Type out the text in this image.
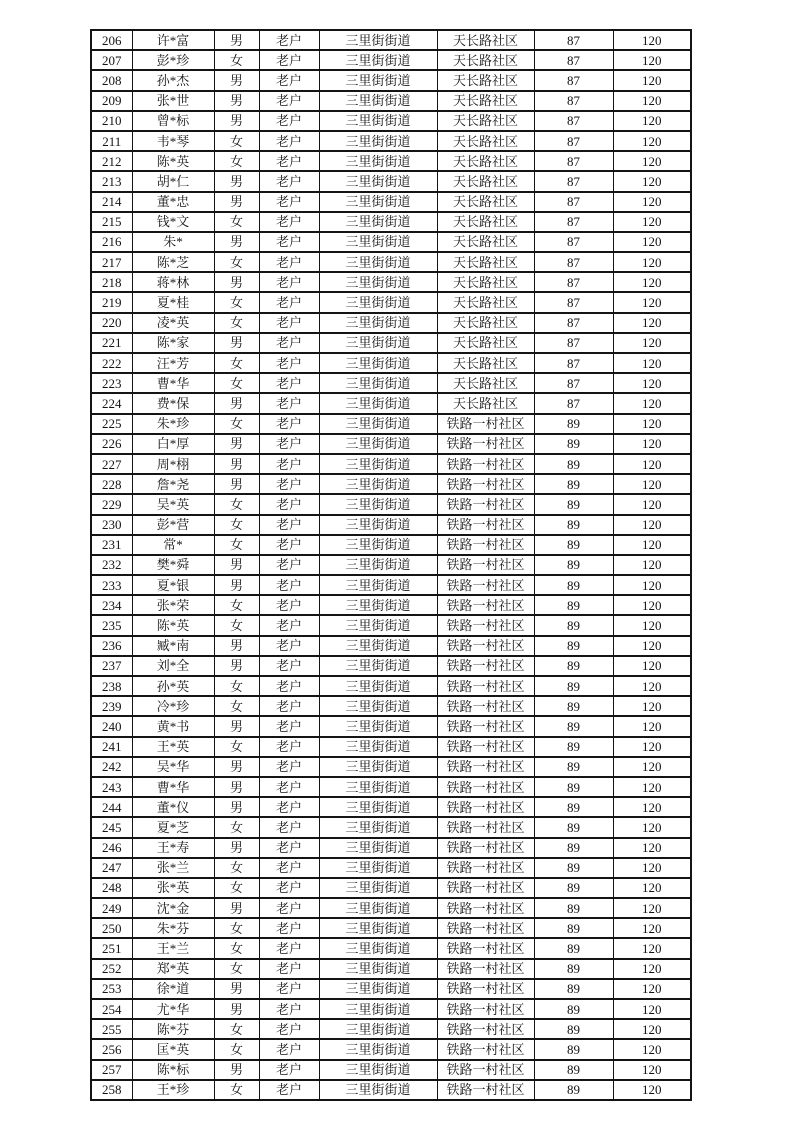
206	许*富	男	老户	三里街街道	天长路社区	87	120
207	彭*珍	女	老户	三里街街道	天长路社区	87	120
208	孙*杰	男	老户	三里街街道	天长路社区	87	120
209	张*世	男	老户	三里街街道	天长路社区	87	120
210	曾*标	男	老户	三里街街道	天长路社区	87	120
211	韦*琴	女	老户	三里街街道	天长路社区	87	120
212	陈*英	女	老户	三里街街道	天长路社区	87	120
213	胡*仁	男	老户	三里街街道	天长路社区	87	120
214	董*忠	男	老户	三里街街道	天长路社区	87	120
215	钱*文	女	老户	三里街街道	天长路社区	87	120
216	朱*	男	老户	三里街街道	天长路社区	87	120
217	陈*芝	女	老户	三里街街道	天长路社区	87	120
218	蒋*林	男	老户	三里街街道	天长路社区	87	120
219	夏*桂	女	老户	三里街街道	天长路社区	87	120
220	凌*英	女	老户	三里街街道	天长路社区	87	120
221	陈*家	男	老户	三里街街道	天长路社区	87	120
222	汪*芳	女	老户	三里街街道	天长路社区	87	120
223	曹*华	女	老户	三里街街道	天长路社区	87	120
224	费*保	男	老户	三里街街道	天长路社区	87	120
225	朱*珍	女	老户	三里街街道	铁路一村社区	89	120
226	白*厚	男	老户	三里街街道	铁路一村社区	89	120
227	周*栩	男	老户	三里街街道	铁路一村社区	89	120
228	詹*尧	男	老户	三里街街道	铁路一村社区	89	120
229	吴*英	女	老户	三里街街道	铁路一村社区	89	120
230	彭*营	女	老户	三里街街道	铁路一村社区	89	120
231	常*	女	老户	三里街街道	铁路一村社区	89	120
232	樊*舜	男	老户	三里街街道	铁路一村社区	89	120
233	夏*银	男	老户	三里街街道	铁路一村社区	89	120
234	张*荣	女	老户	三里街街道	铁路一村社区	89	120
235	陈*英	女	老户	三里街街道	铁路一村社区	89	120
236	臧*南	男	老户	三里街街道	铁路一村社区	89	120
237	刘*全	男	老户	三里街街道	铁路一村社区	89	120
238	孙*英	女	老户	三里街街道	铁路一村社区	89	120
239	冷*珍	女	老户	三里街街道	铁路一村社区	89	120
240	黄*书	男	老户	三里街街道	铁路一村社区	89	120
241	王*英	女	老户	三里街街道	铁路一村社区	89	120
242	吴*华	男	老户	三里街街道	铁路一村社区	89	120
243	曹*华	男	老户	三里街街道	铁路一村社区	89	120
244	董*仪	男	老户	三里街街道	铁路一村社区	89	120
245	夏*芝	女	老户	三里街街道	铁路一村社区	89	120
246	王*寿	男	老户	三里街街道	铁路一村社区	89	120
247	张*兰	女	老户	三里街街道	铁路一村社区	89	120
248	张*英	女	老户	三里街街道	铁路一村社区	89	120
249	沈*金	男	老户	三里街街道	铁路一村社区	89	120
250	朱*芬	女	老户	三里街街道	铁路一村社区	89	120
251	王*兰	女	老户	三里街街道	铁路一村社区	89	120
252	郑*英	女	老户	三里街街道	铁路一村社区	89	120
253	徐*道	男	老户	三里街街道	铁路一村社区	89	120
254	尤*华	男	老户	三里街街道	铁路一村社区	89	120
255	陈*芬	女	老户	三里街街道	铁路一村社区	89	120
256	匡*英	女	老户	三里街街道	铁路一村社区	89	120
257	陈*标	男	老户	三里街街道	铁路一村社区	89	120
258	王*珍	女	老户	三里街街道	铁路一村社区	89	120
